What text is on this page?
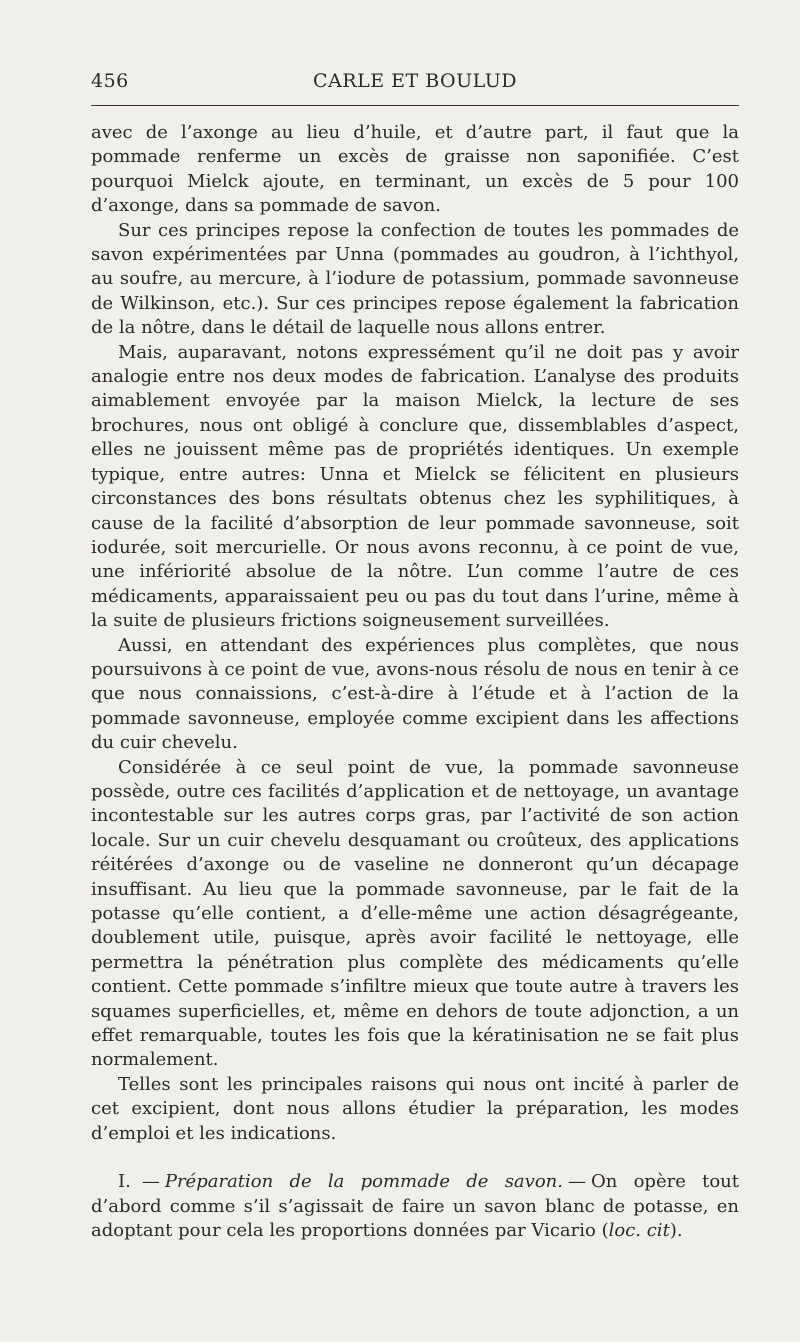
456	CARLE ET BOULUD

avec de l’axonge au lieu d’huile, et d’autre part, il faut que la pommade renferme un excès de graisse non saponifiée. C’est pourquoi Mielck ajoute, en terminant, un excès de 5 pour 100 d’axonge, dans sa pommade de savon.

Sur ces principes repose la confection de toutes les pommades de savon expérimentées par Unna (pommades au goudron, à l’ichthyol, au soufre, au mercure, à l’iodure de potassium, pommade savonneuse de Wilkinson, etc.). Sur ces principes repose également la fabrication de la nôtre, dans le détail de laquelle nous allons entrer.

Mais, auparavant, notons expressément qu’il ne doit pas y avoir analogie entre nos deux modes de fabrication. L’analyse des produits aimablement envoyée par la maison Mielck, la lecture de ses brochures, nous ont obligé à conclure que, dissemblables d’aspect, elles ne jouissent même pas de propriétés identiques. Un exemple typique, entre autres: Unna et Mielck se félicitent en plusieurs circonstances des bons résultats obtenus chez les syphilitiques, à cause de la facilité d’absorption de leur pommade savonneuse, soit iodurée, soit mercurielle. Or nous avons reconnu, à ce point de vue, une infériorité absolue de la nôtre. L’un comme l’autre de ces médicaments, apparaissaient peu ou pas du tout dans l’urine, même à la suite de plusieurs frictions soigneusement surveillées.

Aussi, en attendant des expériences plus complètes, que nous poursuivons à ce point de vue, avons-nous résolu de nous en tenir à ce que nous connaissions, c’est-à-dire à l’étude et à l’action de la pommade savonneuse, employée comme excipient dans les affections du cuir chevelu.

Considérée à ce seul point de vue, la pommade savonneuse possède, outre ces facilités d’application et de nettoyage, un avantage incontestable sur les autres corps gras, par l’activité de son action locale. Sur un cuir chevelu desquamant ou croûteux, des applications réitérées d’axonge ou de vaseline ne donneront qu’un décapage insuffisant. Au lieu que la pommade savonneuse, par le fait de la potasse qu’elle contient, a d’elle-même une action désagrégeante, doublement utile, puisque, après avoir facilité le nettoyage, elle permettra la pénétration plus complète des médicaments qu’elle contient. Cette pommade s’infiltre mieux que toute autre à travers les squames superficielles, et, même en dehors de toute adjonction, a un effet remarquable, toutes les fois que la kératinisation ne se fait plus normalement.

Telles sont les principales raisons qui nous ont incité à parler de cet excipient, dont nous allons étudier la préparation, les modes d’emploi et les indications.

I. — Préparation de la pommade de savon. — On opère tout d’abord comme s’il s’agissait de faire un savon blanc de potasse, en adoptant pour cela les proportions données par Vicario (loc. cit).
